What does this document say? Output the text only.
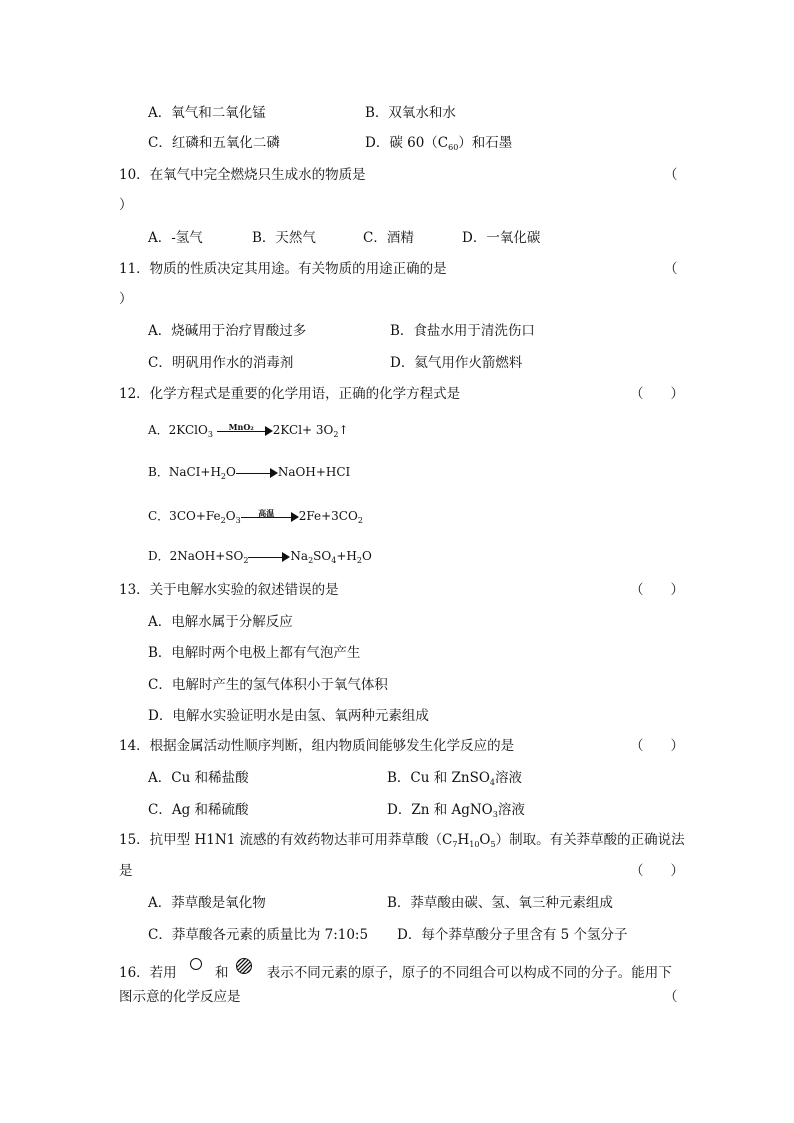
A．氧气和二氧化锰	B．双氧水和水
C．红磷和五氧化二磷	D．碳 $60(C_{60})$和石墨
10．在氧气中完全燃烧只生成水的物质是	（
）
A．-氢气	B．天然气	C．酒精	D．一氧化碳
11．物质的性质决定其用途。有关物质的用途正确的是	（
）
A．烧碱用于治疗胃酸过多	B．食盐水用于清洗伤口
C．明矾用作水的消毒剂	D．氦气用作火箭燃料
12．化学方程式是重要的化学用语，正确的化学方程式是	（　　）
A．2KClO$_3$
MnO₂	$2KCl+ 3O_2↑$
B．$NaCI+H_2O$	NaOH+HCI
C．$3CO+Fe_2O_3$
高温	$2Fe+3CO_2$
D．$2NaOH+SO_2$	$Na_2SO_4+H_2O$
13．关于电解水实验的叙述错误的是	（　　）
A．电解水属于分解反应
B．电解时两个电极上都有气泡产生
C．电解时产生的氢气体积小于氧气体积
D．电解水实验证明水是由氢、氧两种元素组成
14．根据金属活动性顺序判断，组内物质间能够发生化学反应的是	（　　）
A．Cu 和稀盐酸	B．Cu 和 ZnSO$_4$溶液
C．Ag 和稀硫酸	D．Zn 和 AgNO$_3$溶液
15．抗甲型 H1N1 流感的有效药物达菲可用莽草酸$(C_7H_{10}O_5)$制取。有关莽草酸的正确说法
是	（　　）
A．莽草酸是氧化物	B．莽草酸由碳、氢、氧三种元素组成
C．莽草酸各元素的质量比为 7:10:5 D．每个莽草酸分子里含有 5 个氢分子
16．若用	和	表示不同元素的原子，原子的不同组合可以构成不同的分子。能用下
图示意的化学反应是	（
